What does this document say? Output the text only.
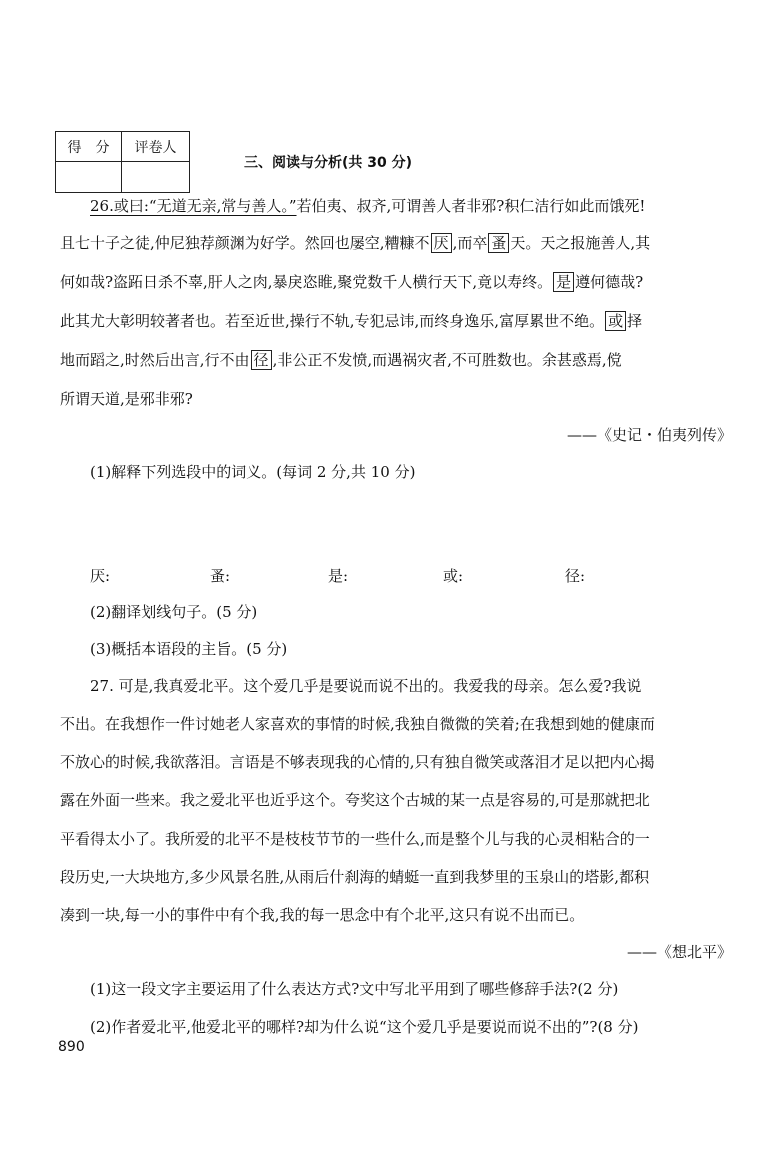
得　分	评卷人

三、阅读与分析(共 30 分)
26.或曰:“无道无亲,常与善人。”若伯夷、叔齐,可谓善人者非邪?积仁洁行如此而饿死!
且七十子之徒,仲尼独荐颜渊为好学。然回也屡空,糟糠不 厌 ,而卒 蚤 天。天之报施善人,其
何如哉?盗跖日杀不辜,肝人之肉,暴戾恣睢,聚党数千人横行天下,竟以寿终。 是 遵何德哉?
此其尤大彰明较著者也。若至近世,操行不轨,专犯忌讳,而终身逸乐,富厚累世不绝。 或 择
地而蹈之,时然后出言,行不由 径 ,非公正不发愤,而遇祸灾者,不可胜数也。余甚惑焉,傥
所谓天道,是邪非邪?
——《史记・伯夷列传》
(1)解释下列选段中的词义。(每词 2 分,共 10 分)
厌:	蚤:	是:	或:	径:
(2)翻译划线句子。(5 分)
(3)概括本语段的主旨。(5 分)
27. 可是,我真爱北平。这个爱几乎是要说而说不出的。我爱我的母亲。怎么爱?我说
不出。在我想作一件讨她老人家喜欢的事情的时候,我独自微微的笑着;在我想到她的健康而
不放心的时候,我欲落泪。言语是不够表现我的心情的,只有独自微笑或落泪才足以把内心揭
露在外面一些来。我之爱北平也近乎这个。夸奖这个古城的某一点是容易的,可是那就把北
平看得太小了。我所爱的北平不是枝枝节节的一些什么,而是整个儿与我的心灵相粘合的一
段历史,一大块地方,多少风景名胜,从雨后什刹海的蜻蜓一直到我梦里的玉泉山的塔影,都积
凑到一块,每一小的事件中有个我,我的每一思念中有个北平,这只有说不出而已。
——《想北平》
(1)这一段文字主要运用了什么表达方式?文中写北平用到了哪些修辞手法?(2 分)
(2)作者爱北平,他爱北平的哪样?却为什么说“这个爱几乎是要说而说不出的”?(8 分)
890
